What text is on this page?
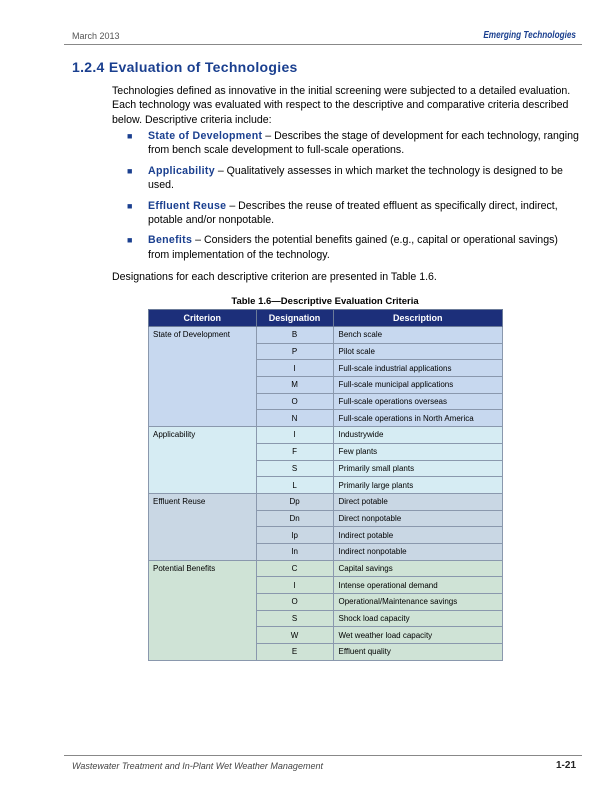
March 2013	Emerging Technologies
1.2.4 Evaluation of Technologies
Technologies defined as innovative in the initial screening were subjected to a detailed evaluation. Each technology was evaluated with respect to the descriptive and comparative criteria described below. Descriptive criteria include:
■ State of Development – Describes the stage of development for each technology, ranging from bench scale development to full-scale operations.
■ Applicability – Qualitatively assesses in which market the technology is designed to be used.
■ Effluent Reuse – Describes the reuse of treated effluent as specifically direct, indirect, potable and/or nonpotable.
■ Benefits – Considers the potential benefits gained (e.g., capital or operational savings) from implementation of the technology.
Designations for each descriptive criterion are presented in Table 1.6.
Table 1.6—Descriptive Evaluation Criteria
Criterion	Designation	Description
State of Development	B	Bench scale
	P	Pilot scale
	I	Full-scale industrial applications
	M	Full-scale municipal applications
	O	Full-scale operations overseas
	N	Full-scale operations in North America
Applicability	I	Industrywide
	F	Few plants
	S	Primarily small plants
	L	Primarily large plants
Effluent Reuse	Dp	Direct potable
	Dn	Direct nonpotable
	Ip	Indirect potable
	In	Indirect nonpotable
Potential Benefits	C	Capital savings
	I	Intense operational demand
	O	Operational/Maintenance savings
	S	Shock load capacity
	W	Wet weather load capacity
	E	Effluent quality
Wastewater Treatment and In-Plant Wet Weather Management	1-21
